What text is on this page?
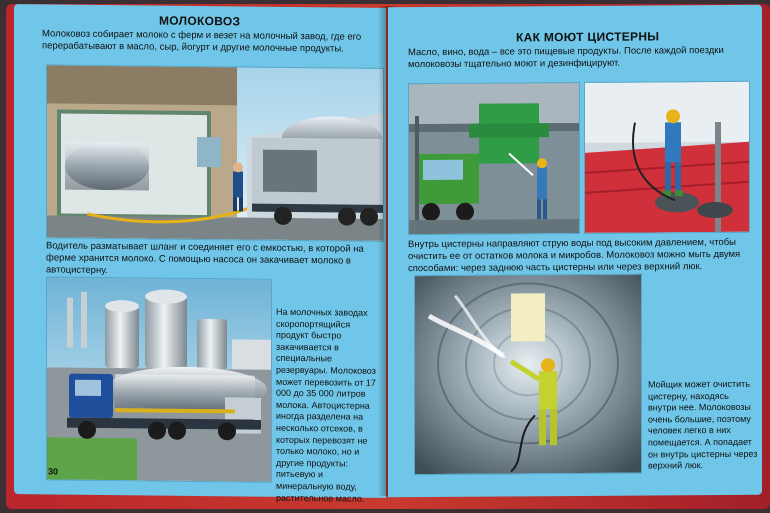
МОЛОКОВОЗ
Молоковоз собирает молоко с ферм и везет на молочный завод, где его перерабатывают в масло, сыр, йогурт и другие молочные продукты.
Водитель разматывает шланг и соединяет его с емкостью, в которой на ферме хранится молоко. С помощью насоса он закачивает молоко в автоцистерну.
На молочных заводах скоропортящийся продукт быстро закачивается в специальные резервуары. Молоковоз может перевозить от 17 000 до 35 000 литров молока. Автоцистерна иногда разделена на несколько отсеков, в которых перевозят не только молоко, но и другие продукты: питьевую и минеральную воду, растительное масло.
30
КАК МОЮТ ЦИСТЕРНЫ
Масло, вино, вода – все это пищевые продукты. После каждой поездки молоковозы тщательно моют и дезинфицируют.
Внутрь цистерны направляют струю воды под высоким давлением, чтобы очистить ее от остатков молока и микробов. Молоковоз можно мыть двумя способами: через заднюю часть цистерны или через верхний люк.
Мойщик может очистить цистерну, находясь внутри нее. Молоковозы очень большие, поэтому человек легко в них помещается. А попадает он внутрь цистерны через верхний люк.
